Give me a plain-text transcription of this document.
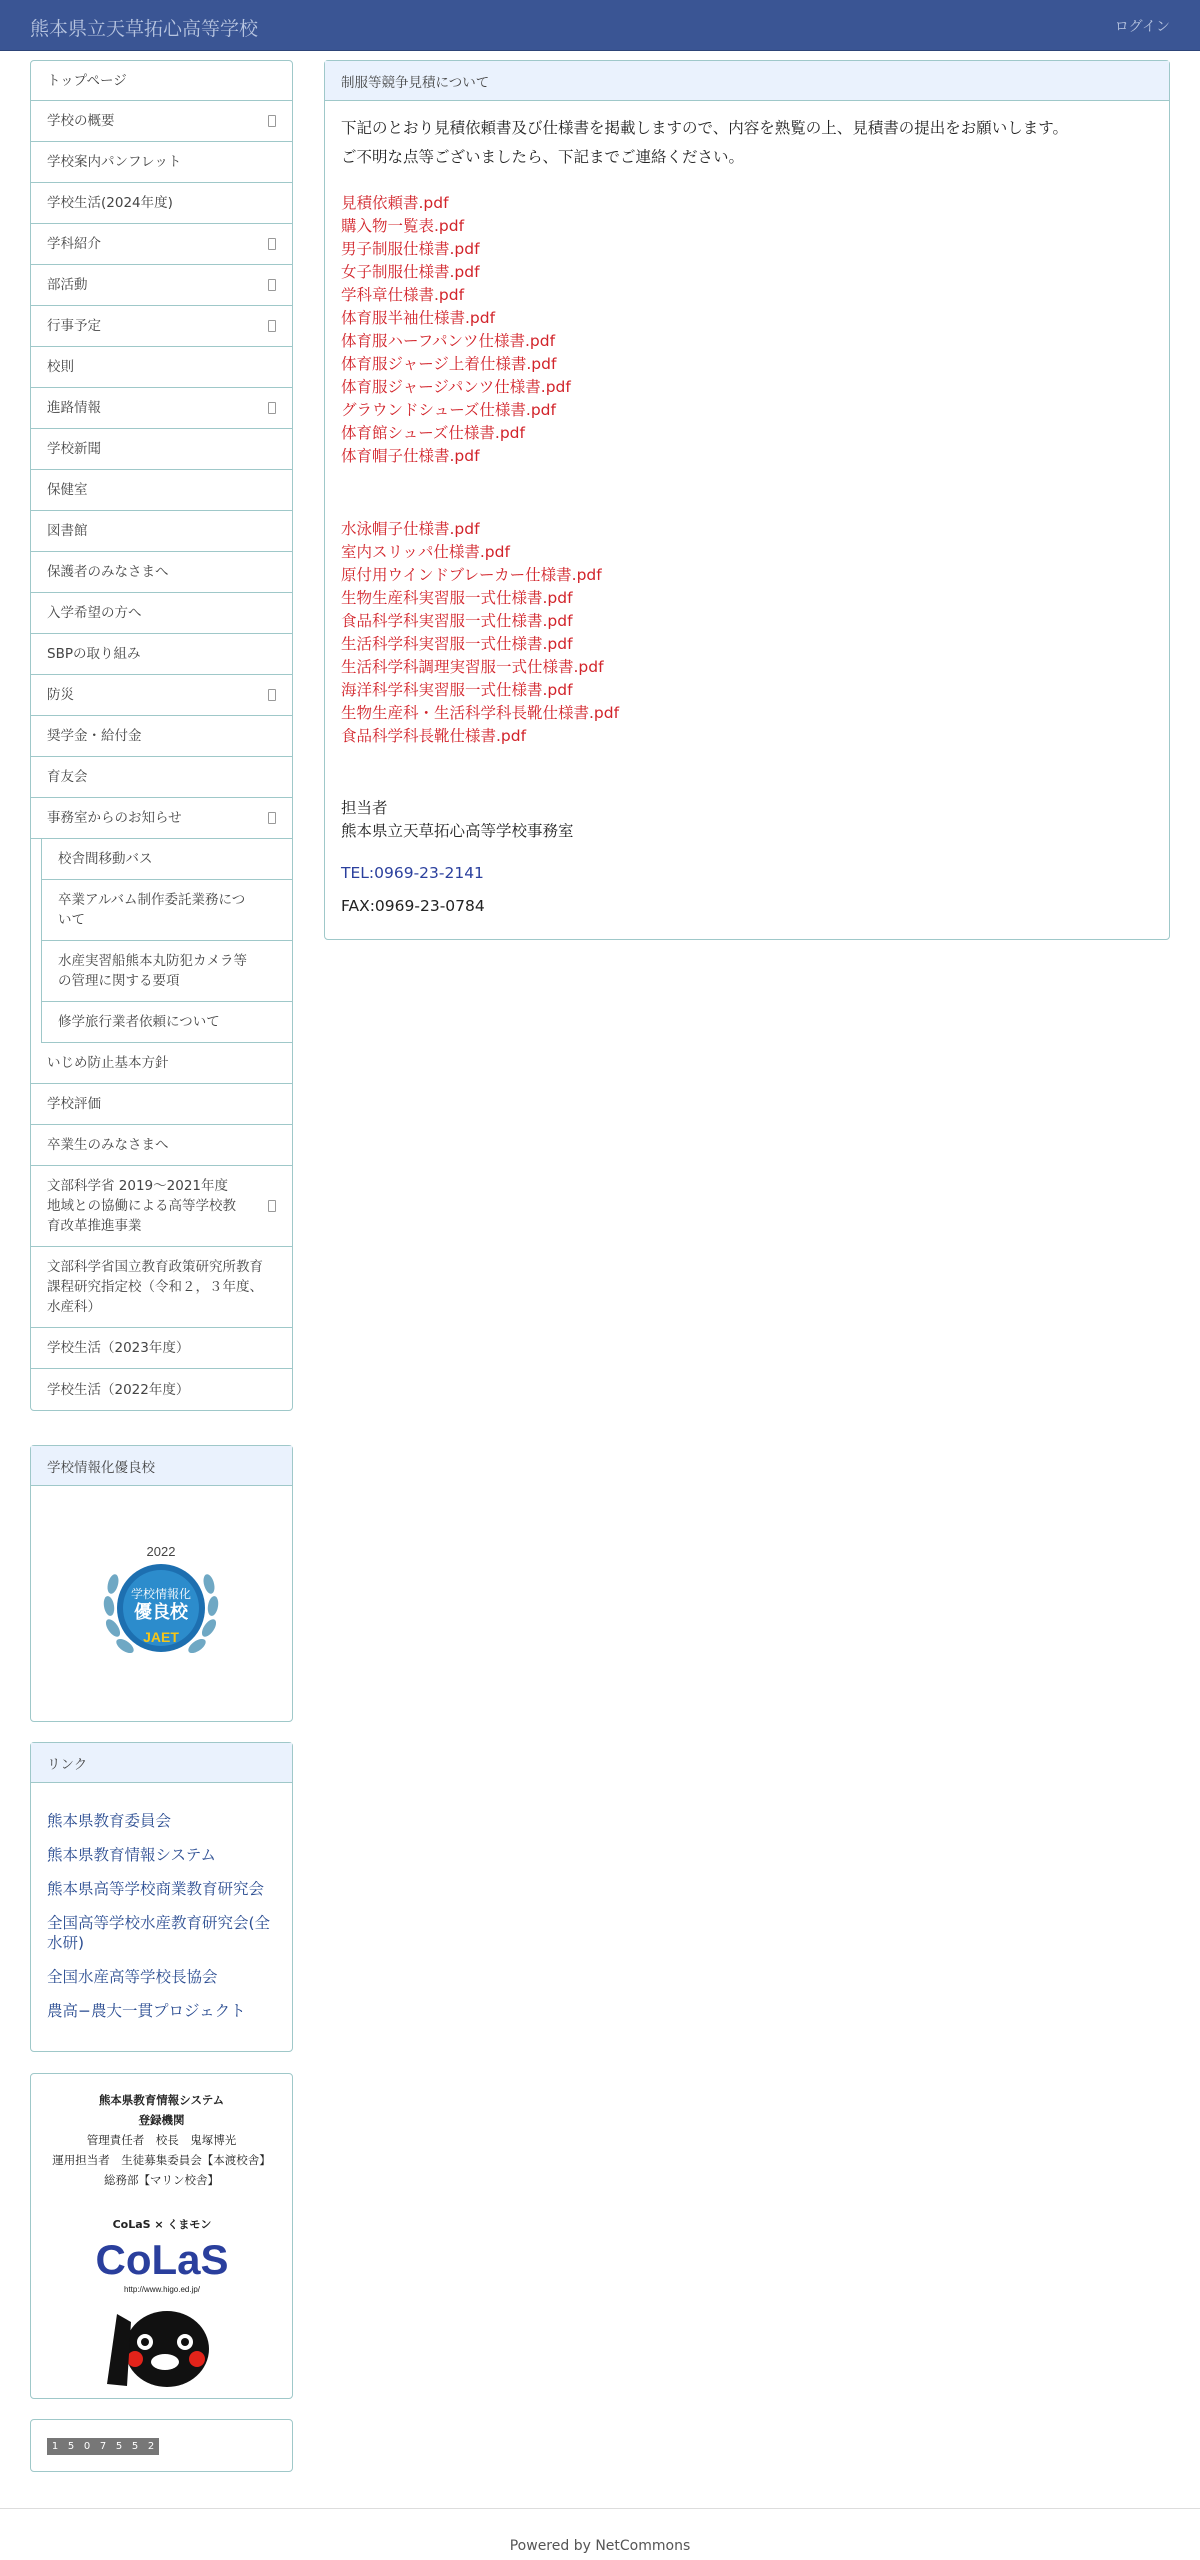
熊本県立天草拓心高等学校	ログイン
トップページ
学校の概要
学校案内パンフレット
学校生活(2024年度)
学科紹介
部活動
行事予定
校則
進路情報
学校新聞
保健室
図書館
保護者のみなさまへ
入学希望の方へ
SBPの取り組み
防災
奨学金・給付金
育友会
事務室からのお知らせ
校舎間移動バス
卒業アルバム制作委託業務について
水産実習船熊本丸防犯カメラ等の管理に関する要項
修学旅行業者依頼について
いじめ防止基本方針
学校評価
卒業生のみなさまへ
文部科学省 2019～2021年度 地域との協働による高等学校教育改革推進事業
文部科学省国立教育政策研究所教育課程研究指定校（令和２，３年度、水産科）
学校生活（2023年度）
学校生活（2022年度）
制服等競争見積について

下記のとおり見積依頼書及び仕様書を掲載しますので、内容を熟覧の上、見積書の提出をお願いします。

ご不明な点等ございましたら、下記までご連絡ください。

見積依頼書.pdf
購入物一覧表.pdf
男子制服仕様書.pdf
女子制服仕様書.pdf
学科章仕様書.pdf
体育服半袖仕様書.pdf
体育服ハーフパンツ仕様書.pdf
体育服ジャージ上着仕様書.pdf
体育服ジャージパンツ仕様書.pdf
グラウンドシューズ仕様書.pdf
体育館シューズ仕様書.pdf
体育帽子仕様書.pdf
水泳帽子仕様書.pdf
室内スリッパ仕様書.pdf
原付用ウインドブレーカー仕様書.pdf
生物生産科実習服一式仕様書.pdf
食品科学科実習服一式仕様書.pdf
生活科学科実習服一式仕様書.pdf
生活科学科調理実習服一式仕様書.pdf
海洋科学科実習服一式仕様書.pdf
生物生産科・生活科学科長靴仕様書.pdf
食品科学科長靴仕様書.pdf
担当者
熊本県立天草拓心高等学校事務室
TEL:0969-23-2141
FAX:0969-23-0784
学校情報化優良校
2022
学校情報化
優良校
JAET
リンク
熊本県教育委員会
熊本県教育情報システム
熊本県高等学校商業教育研究会
全国高等学校水産教育研究会(全水研)
全国水産高等学校長協会
農高−農大一貫プロジェクト
熊本県教育情報システム
登録機関
管理責任者　校長　鬼塚博光
運用担当者　生徒募集委員会【本渡校舎】
総務部【マリン校舎】
CoLaS × くまモン
CoLaS
http://www.higo.ed.jp/
1 5 0 7 5 5 2
Powered by NetCommons
